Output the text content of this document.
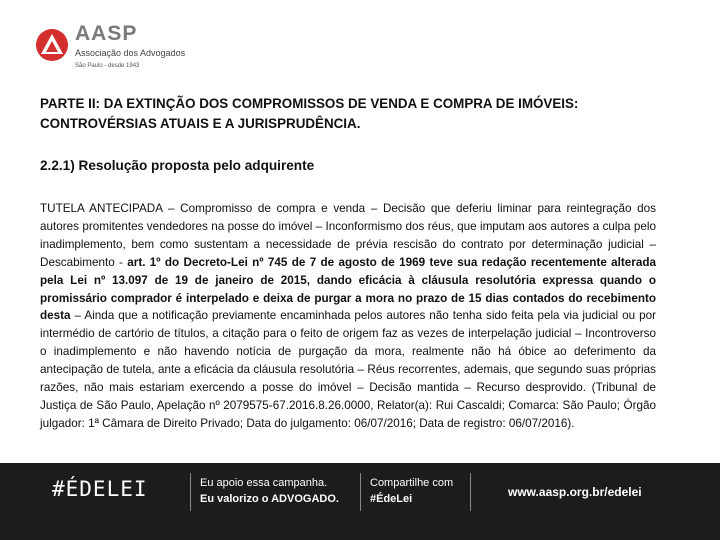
AASP
Associação dos Advogados
São Paulo - desde 1943
PARTE II: DA EXTINÇÃO DOS COMPROMISSOS DE VENDA E COMPRA DE IMÓVEIS: CONTROVÉRSIAS ATUAIS E A JURISPRUDÊNCIA.
2.2.1) Resolução proposta pelo adquirente

TUTELA ANTECIPADA – Compromisso de compra e venda – Decisão que deferiu liminar para reintegração dos autores promitentes vendedores na posse do imóvel – Inconformismo dos réus, que imputam aos autores a culpa pelo inadimplemento, bem como sustentam a necessidade de prévia rescisão do contrato por determinação judicial – Descabimento - art. 1º do Decreto-Lei nº 745 de 7 de agosto de 1969 teve sua redação recentemente alterada pela Lei nº 13.097 de 19 de janeiro de 2015, dando eficácia à cláusula resolutória expressa quando o promissário comprador é interpelado e deixa de purgar a mora no prazo de 15 dias contados do recebimento desta – Ainda que a notificação previamente encaminhada pelos autores não tenha sido feita pela via judicial ou por intermédio de cartório de títulos, a citação para o feito de origem faz as vezes de interpelação judicial – Incontroverso o inadimplemento e não havendo notícia de purgação da mora, realmente não há óbice ao deferimento da antecipação de tutela, ante a eficácia da cláusula resolutória – Réus recorrentes, ademais, que segundo suas próprias razões, não mais estariam exercendo a posse do imóvel – Decisão mantida – Recurso desprovido. (Tribunal de Justiça de São Paulo, Apelação nº 2079575-67.2016.8.26.0000, Relator(a): Rui Cascaldi; Comarca: São Paulo; Órgão julgador: 1ª Câmara de Direito Privado; Data do julgamento: 06/07/2016; Data de registro: 06/07/2016).

#ÉDELEI	Eu apoio essa campanha.
Eu valorizo o ADVOGADO.
Compartilhe com
#ÉdeLei	www.aasp.org.br/edelei
